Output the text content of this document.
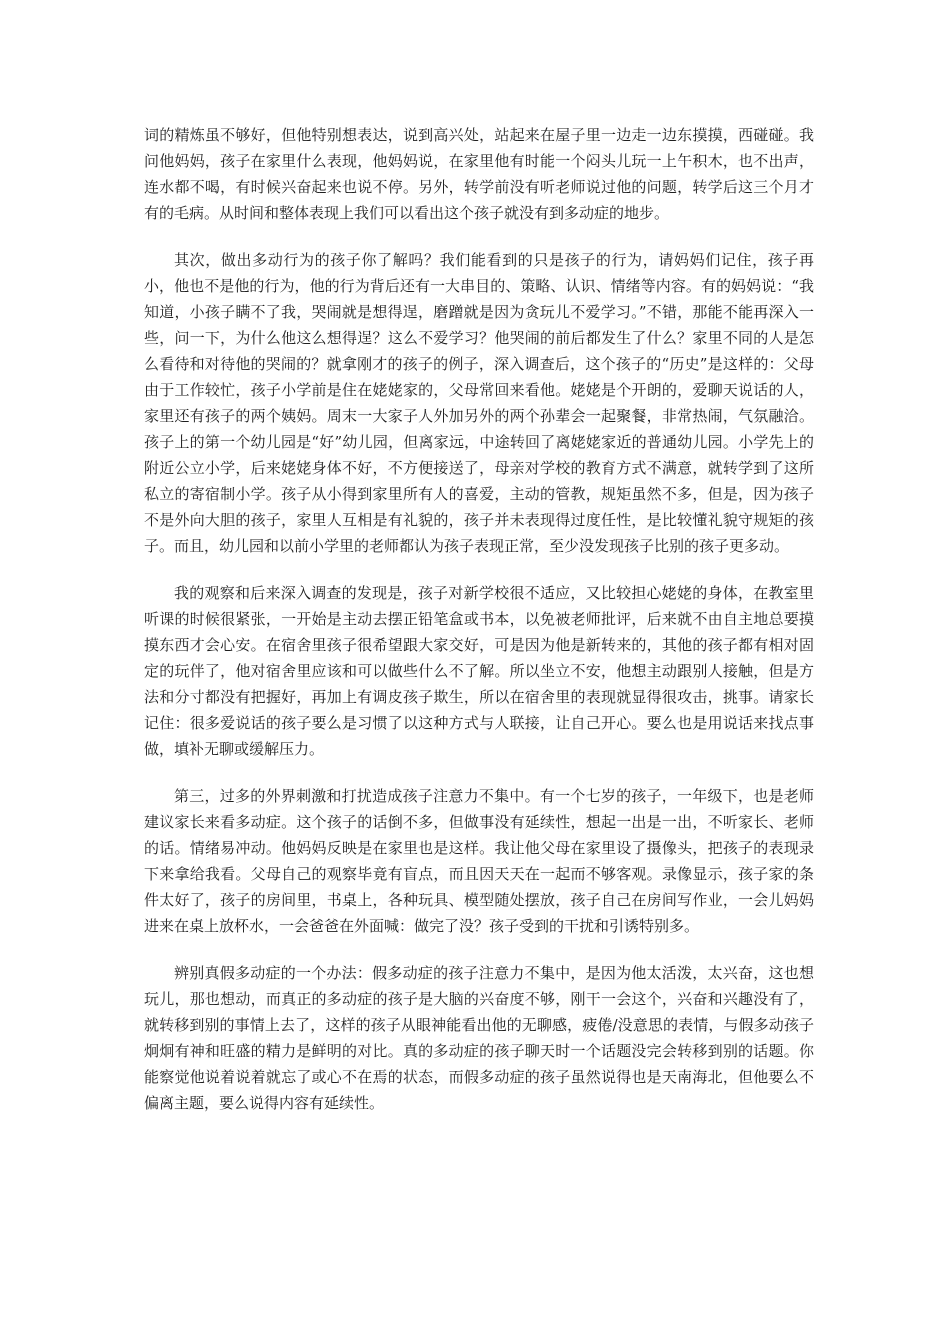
词的精炼虽不够好，但他特别想表达，说到高兴处，站起来在屋子里一边走一边东摸摸，西碰碰。我问他妈妈，孩子在家里什么表现，他妈妈说，在家里他有时能一个闷头儿玩一上午积木，也不出声，连水都不喝，有时候兴奋起来也说不停。另外，转学前没有听老师说过他的问题，转学后这三个月才有的毛病。从时间和整体表现上我们可以看出这个孩子就没有到多动症的地步。

其次，做出多动行为的孩子你了解吗？我们能看到的只是孩子的行为，请妈妈们记住，孩子再小，他也不是他的行为，他的行为背后还有一大串目的、策略、认识、情绪等内容。有的妈妈说：“我知道，小孩子瞒不了我，哭闹就是想得逞，磨蹭就是因为贪玩儿不爱学习。”不错，那能不能再深入一些，问一下，为什么他这么想得逞？这么不爱学习？他哭闹的前后都发生了什么？家里不同的人是怎么看待和对待他的哭闹的？就拿刚才的孩子的例子，深入调查后，这个孩子的“历史”是这样的：父母由于工作较忙，孩子小学前是住在姥姥家的，父母常回来看他。姥姥是个开朗的，爱聊天说话的人，家里还有孩子的两个姨妈。周末一大家子人外加另外的两个孙辈会一起聚餐，非常热闹，气氛融洽。孩子上的第一个幼儿园是“好”幼儿园，但离家远，中途转回了离姥姥家近的普通幼儿园。小学先上的附近公立小学，后来姥姥身体不好，不方便接送了，母亲对学校的教育方式不满意，就转学到了这所私立的寄宿制小学。孩子从小得到家里所有人的喜爱，主动的管教，规矩虽然不多，但是，因为孩子不是外向大胆的孩子，家里人互相是有礼貌的，孩子并未表现得过度任性，是比较懂礼貌守规矩的孩子。而且，幼儿园和以前小学里的老师都认为孩子表现正常，至少没发现孩子比别的孩子更多动。

我的观察和后来深入调查的发现是，孩子对新学校很不适应，又比较担心姥姥的身体，在教室里听课的时候很紧张，一开始是主动去摆正铅笔盒或书本，以免被老师批评，后来就不由自主地总要摸摸东西才会心安。在宿舍里孩子很希望跟大家交好，可是因为他是新转来的，其他的孩子都有相对固定的玩伴了，他对宿舍里应该和可以做些什么不了解。所以坐立不安，他想主动跟别人接触，但是方法和分寸都没有把握好，再加上有调皮孩子欺生，所以在宿舍里的表现就显得很攻击，挑事。请家长记住：很多爱说话的孩子要么是习惯了以这种方式与人联接，让自己开心。要么也是用说话来找点事做，填补无聊或缓解压力。

第三，过多的外界刺激和打扰造成孩子注意力不集中。有一个七岁的孩子，一年级下，也是老师建议家长来看多动症。这个孩子的话倒不多，但做事没有延续性，想起一出是一出，不听家长、老师的话。情绪易冲动。他妈妈反映是在家里也是这样。我让他父母在家里设了摄像头，把孩子的表现录下来拿给我看。父母自己的观察毕竟有盲点，而且因天天在一起而不够客观。录像显示，孩子家的条件太好了，孩子的房间里，书桌上，各种玩具、模型随处摆放，孩子自己在房间写作业，一会儿妈妈进来在桌上放杯水，一会爸爸在外面喊：做完了没？孩子受到的干扰和引诱特别多。

辨别真假多动症的一个办法：假多动症的孩子注意力不集中，是因为他太活泼，太兴奋，这也想玩儿，那也想动，而真正的多动症的孩子是大脑的兴奋度不够，刚干一会这个，兴奋和兴趣没有了，就转移到别的事情上去了，这样的孩子从眼神能看出他的无聊感，疲倦/没意思的表情，与假多动孩子炯炯有神和旺盛的精力是鲜明的对比。真的多动症的孩子聊天时一个话题没完会转移到别的话题。你能察觉他说着说着就忘了或心不在焉的状态，而假多动症的孩子虽然说得也是天南海北，但他要么不偏离主题，要么说得内容有延续性。
